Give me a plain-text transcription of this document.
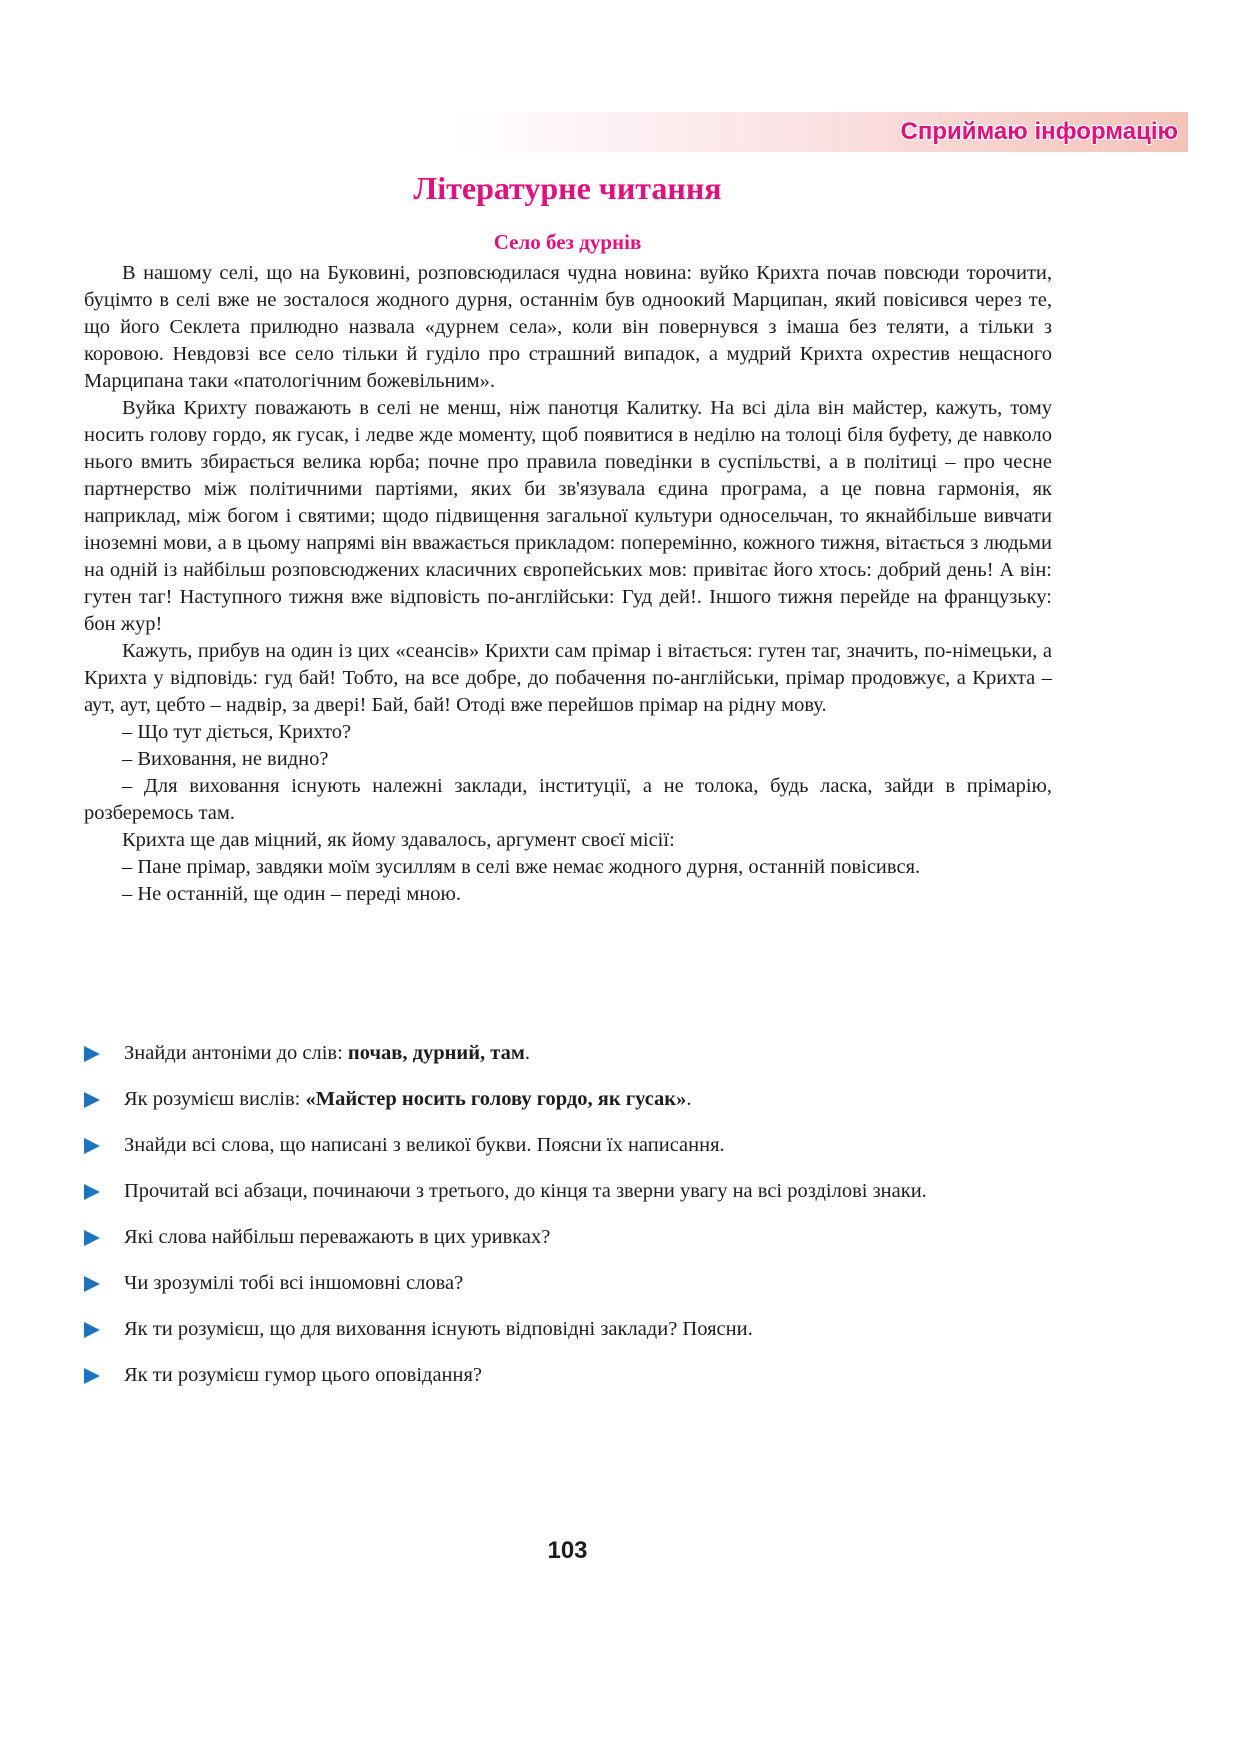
Сприймаю інформацію
Літературне читання
Село без дурнів

В нашому селі, що на Буковині, розповсюдилася чудна новина: вуйко Крихта почав повсюди торочити, буцімто в селі вже не зосталося жодного дурня, останнім був одноокий Марципан, який повісився через те, що його Секлета прилюдно назвала «дурнем села», коли він повернувся з імаша без теляти, а тільки з коровою. Невдовзі все село тільки й гуділо про страшний випадок, а мудрий Крихта охрестив нещасного Марципана таки «патологічним божевільним».

Вуйка Крихту поважають в селі не менш, ніж панотця Калитку. На всі діла він майстер, кажуть, тому носить голову гордо, як гусак, і ледве жде моменту, щоб появитися в неділю на толоці біля буфету, де навколо нього вмить збирається велика юрба; почне про правила поведінки в суспільстві, а в політиці – про чесне партнерство між політичними партіями, яких би зв'язувала єдина програма, а це повна гармонія, як наприклад, між богом і святими; щодо підвищення загальної культури односельчан, то якнайбільше вивчати іноземні мови, а в цьому напрямі він вважається прикладом: поперемінно, кожного тижня, вітається з людьми на одній із найбільш розповсюджених класичних європейських мов: привітає його хтось: добрий день! А він: гутен таг! Наступного тижня вже відповість по-англійськи: Гуд дей!. Іншого тижня перейде на французьку: бон жур!

Кажуть, прибув на один із цих «сеансів» Крихти сам прімар і вітається: гутен таг, значить, по-німецьки, а Крихта у відповідь: гуд бай! Тобто, на все добре, до побачення по-англійськи, прімар продовжує, а Крихта – аут, аут, цебто – надвір, за двері! Бай, бай! Отоді вже перейшов прімар на рідну мову.

– Що тут діється, Крихто?

– Виховання, не видно?

– Для виховання існують належні заклади, інституції, а не толока, будь ласка, зайди в прімарію, розберемось там.

Крихта ще дав міцний, як йому здавалось, аргумент своєї місії:

– Пане прімар, завдяки моїм зусиллям в селі вже немає жодного дурня, останній повісився.

– Не останній, ще один – переді мною.

Знайди антоніми до слів: почав, дурний, там.
Як розумієш вислів: «Майстер носить голову гордо, як гусак».
Знайди всі слова, що написані з великої букви. Поясни їх написання.
Прочитай всі абзаци, починаючи з третього, до кінця та зверни увагу на всі розділові знаки.
Які слова найбільш переважають в цих уривках?
Чи зрозумілі тобі всі іншомовні слова?
Як ти розумієш, що для виховання існують відповідні заклади? Поясни.
Як ти розумієш гумор цього оповідання?
103
